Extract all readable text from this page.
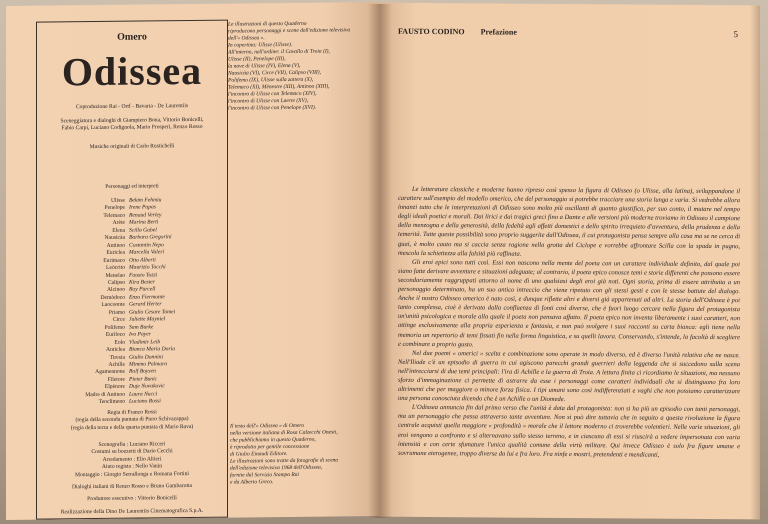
Omero
Odissea
Coproduzione Rai - Ortf - Bavaria - De Laurentiis
Sceneggiatura e dialoghi di Giampiero Bona, Vittorio Bonicelli,
Fabio Carpi, Luciano Codignola, Mario Prosperi, Renzo Rosso
Musiche originali di Carlo Rustichelli
Personaggi ed interpreti
Ulisse Bekim Fehmiu
Penelope Irene Papas
Telemaco Renaud Verley
Arète Marina Berti
Elena Scilla Gabel
Nausicàa Barbara Gregorini
Antinoo Costantin Nepo
Euriclea Marcella Valeri
Eurimaco Otto Alberti
Leòcrito Maurizio Tocchi
Menelao Fausto Tozzi
Calipso Kira Bester
Alcinoo Roy Purcell
Demòdoco Enzo Fiermonte
Laocoonte Gerard Herter
Priamo Giulio Cesare Tomei
Circe Juliette Mayniel
Polifemo Sam Burke
Eurìloco Ivo Payer
Eolo Vladimir Leib
Anticlea Bianca Maria Doria
Tiresia Giulio Donnini
Achille Mimmo Palmara
Agamennone Rolf Boysen
Filetore Pieter Bunic
Elpènore Duje Novakovic
Madre di Antinoo Laura Nucci
Teoclimeno Luciano Rossi
Regia di Franco Rossi
(regia della seconda puntata di Piero Schivazappa)
(regia della terza e della quarta puntata di Mario Bava)
Scenografia : Luciano Ricceri
Costumi su bozzetti di Dario Cecchi
Arredamento : Elio Altieri
Aiuto regista : Nello Vanin
Montaggio : Giorgio Serrallonga e Romana Fortini
Dialoghi italiani di Renzo Rosso e Bruno Gambarotta
Produttore esecutivo : Vittorio Bonicelli
Realizzazione della Dino De Laurentiis Cinematografica S.p.A.
Le illustrazioni di questo Quaderno
riproducono personaggi e scene dell'edizione televisiva
dell'« Odissea ».
In copertina: Ulisse (Ulisse).
All'interno, nell'ordine: il Cavallo di Troia (I),
Ulisse (II), Penelope (III),
la nave di Ulisse (IV), Elena (V),
Nausicàa (VI), Circe (VII), Calipso (VIII),
Polifemo (IX), Ulisse sulla zattera (X),
Telemaco (XI), Mènestre (XII), Antinoo (XIII),
l'incontro di Ulisse con Telemaco (XIV),
l'incontro di Ulisse con Laerte (XV),
l'incontro di Ulisse con Penelope (XVI).
Il testo dell'« Odissea » di Omero
nella versione italiana di Rosa Calzecchi Onesti,
che pubblichiamo in questo Quaderno,
è riprodotto per gentile concessione
di Giulio Einaudi Editore.
Le illustrazioni sono tratte da fotografie di scena
dell'edizione televisiva 1968 dell'Odissea,
fornite dal Servizio Stampa Rai
e da Alberto Greco.
FAUSTO CODINO Prefazione	5

Le letterature classiche e moderne hanno ripreso così spesso la figura di Odisseo (o Ulisse, alla latina), sviluppandone il carattere sull'esempio del modello omerico, che del personaggio si potrebbe tracciare una storia lunga e varia. Si vedrebbe allora innanzi tutto che le interpretazioni di Odisseo sono molto più oscillanti di quanto giustifica, per suo conto, il mutare nel tempo degli ideali poetici e morali. Dai lirici e dai tragici greci fino a Dante e alle versioni più moderne troviamo in Odisseo il campione della menzogna e della generosità, della fedeltà agli affetti domestici e dello spirito irrequieto d'avventura, della prudenza e della temerità. Tutte queste possibilità sono proprio suggerite dall'Odissea, il cui protagonista pensa sempre alla casa ma se ne cerca di guai, è molto cauto ma si caccia senza ragione nella grotta del Ciclope e vorrebbe affrontare Scilla con la spada in pugno, mescola la schiettezza alla falsità più raffinata.

Gli eroi epici sono tutti così. Essi non nascono nella mente del poeta con un carattere individuale definito, dal quale poi siano fatte derivare avventure e situazioni adeguate; al contrario, il poeta epico conosce temi e storie differenti che possono essere secondariamente raggruppati attorno al nome di uno qualsiasi degli eroi già noti. Ogni storia, prima di essere attribuita a un personaggio determinato, ha un suo antico intreccio che viene ripetuto con gli stessi gesti e con le stesse battute del dialogo. Anche il nostro Odisseo omerico è nato così, e dunque riflette altri e diversi già appartenuti ad altri. La storia dell'Odissea è poi tanto complessa, cioè è derivata dalla confluenza di fonti così diverse, che è fuori luogo cercare nella figura del protagonista un'unità psicologica e morale alla quale il poeta non pensava affatto. Il poeta epico non inventa liberamente i suoi caratteri, non attinge esclusivamente alla propria esperienza e fantasia, e non può svolgere i suoi racconti su carta bianca: egli tiene nella memoria un repertorio di temi fissati fin nella forma linguistica, e su quelli lavora. Conservando, s'intende, la facoltà di scegliere e combinare a proprio gusto.

Nel due poemi « omerici » scelta e combinazione sono operate in modo diverso, ed è diverso l'unità relativa che ne nasce. Nell'Iliade c'è un episodio di guerra in cui agiscono parecchi grandi guerrieri della leggenda che si succedono sulla scena nell'intrecciarsi di due temi principali: l'ira di Achille e la guerra di Troia. A lettura finita ci ricordiamo le situazioni, ma nessuno sforzo d'immaginazione ci permette di astrarre da esse i personaggi come caratteri individuali che si distinguono fra loro altrimenti che per maggiore o minore forza fisica. I tipi umani sono così indifferenziati e vaghi che non possiamo caratterizzare una persona conosciuta dicendo che è un Achille o un Diomede.

L'Odissea annuncia fin dal primo verso che l'unità è data dal protagonista: non si ha più un episodio con tanti personaggi, ma un personaggio che passa attraverso tante avventure. Non si può dire tuttavia che in seguito a questa rivoluzione la figura centrale acquisti quella maggiore « profondità » morale che il lettore moderno ci troverebbe volentieri. Nelle varie situazioni, gli eroi vengono a confronto e si alternavano sullo stesso terreno, e in ciascuno di essi si riuscirà a vedere impersonata con varia intensità e con certe sfumature l'unica qualità comune della virtù militare. Qui invece Odisseo è solo fra figure umane e sovrumane eterogenee, troppo diverse da lui e fra loro. Fra ninfe e mostri, pretendenti e mendicanti,
